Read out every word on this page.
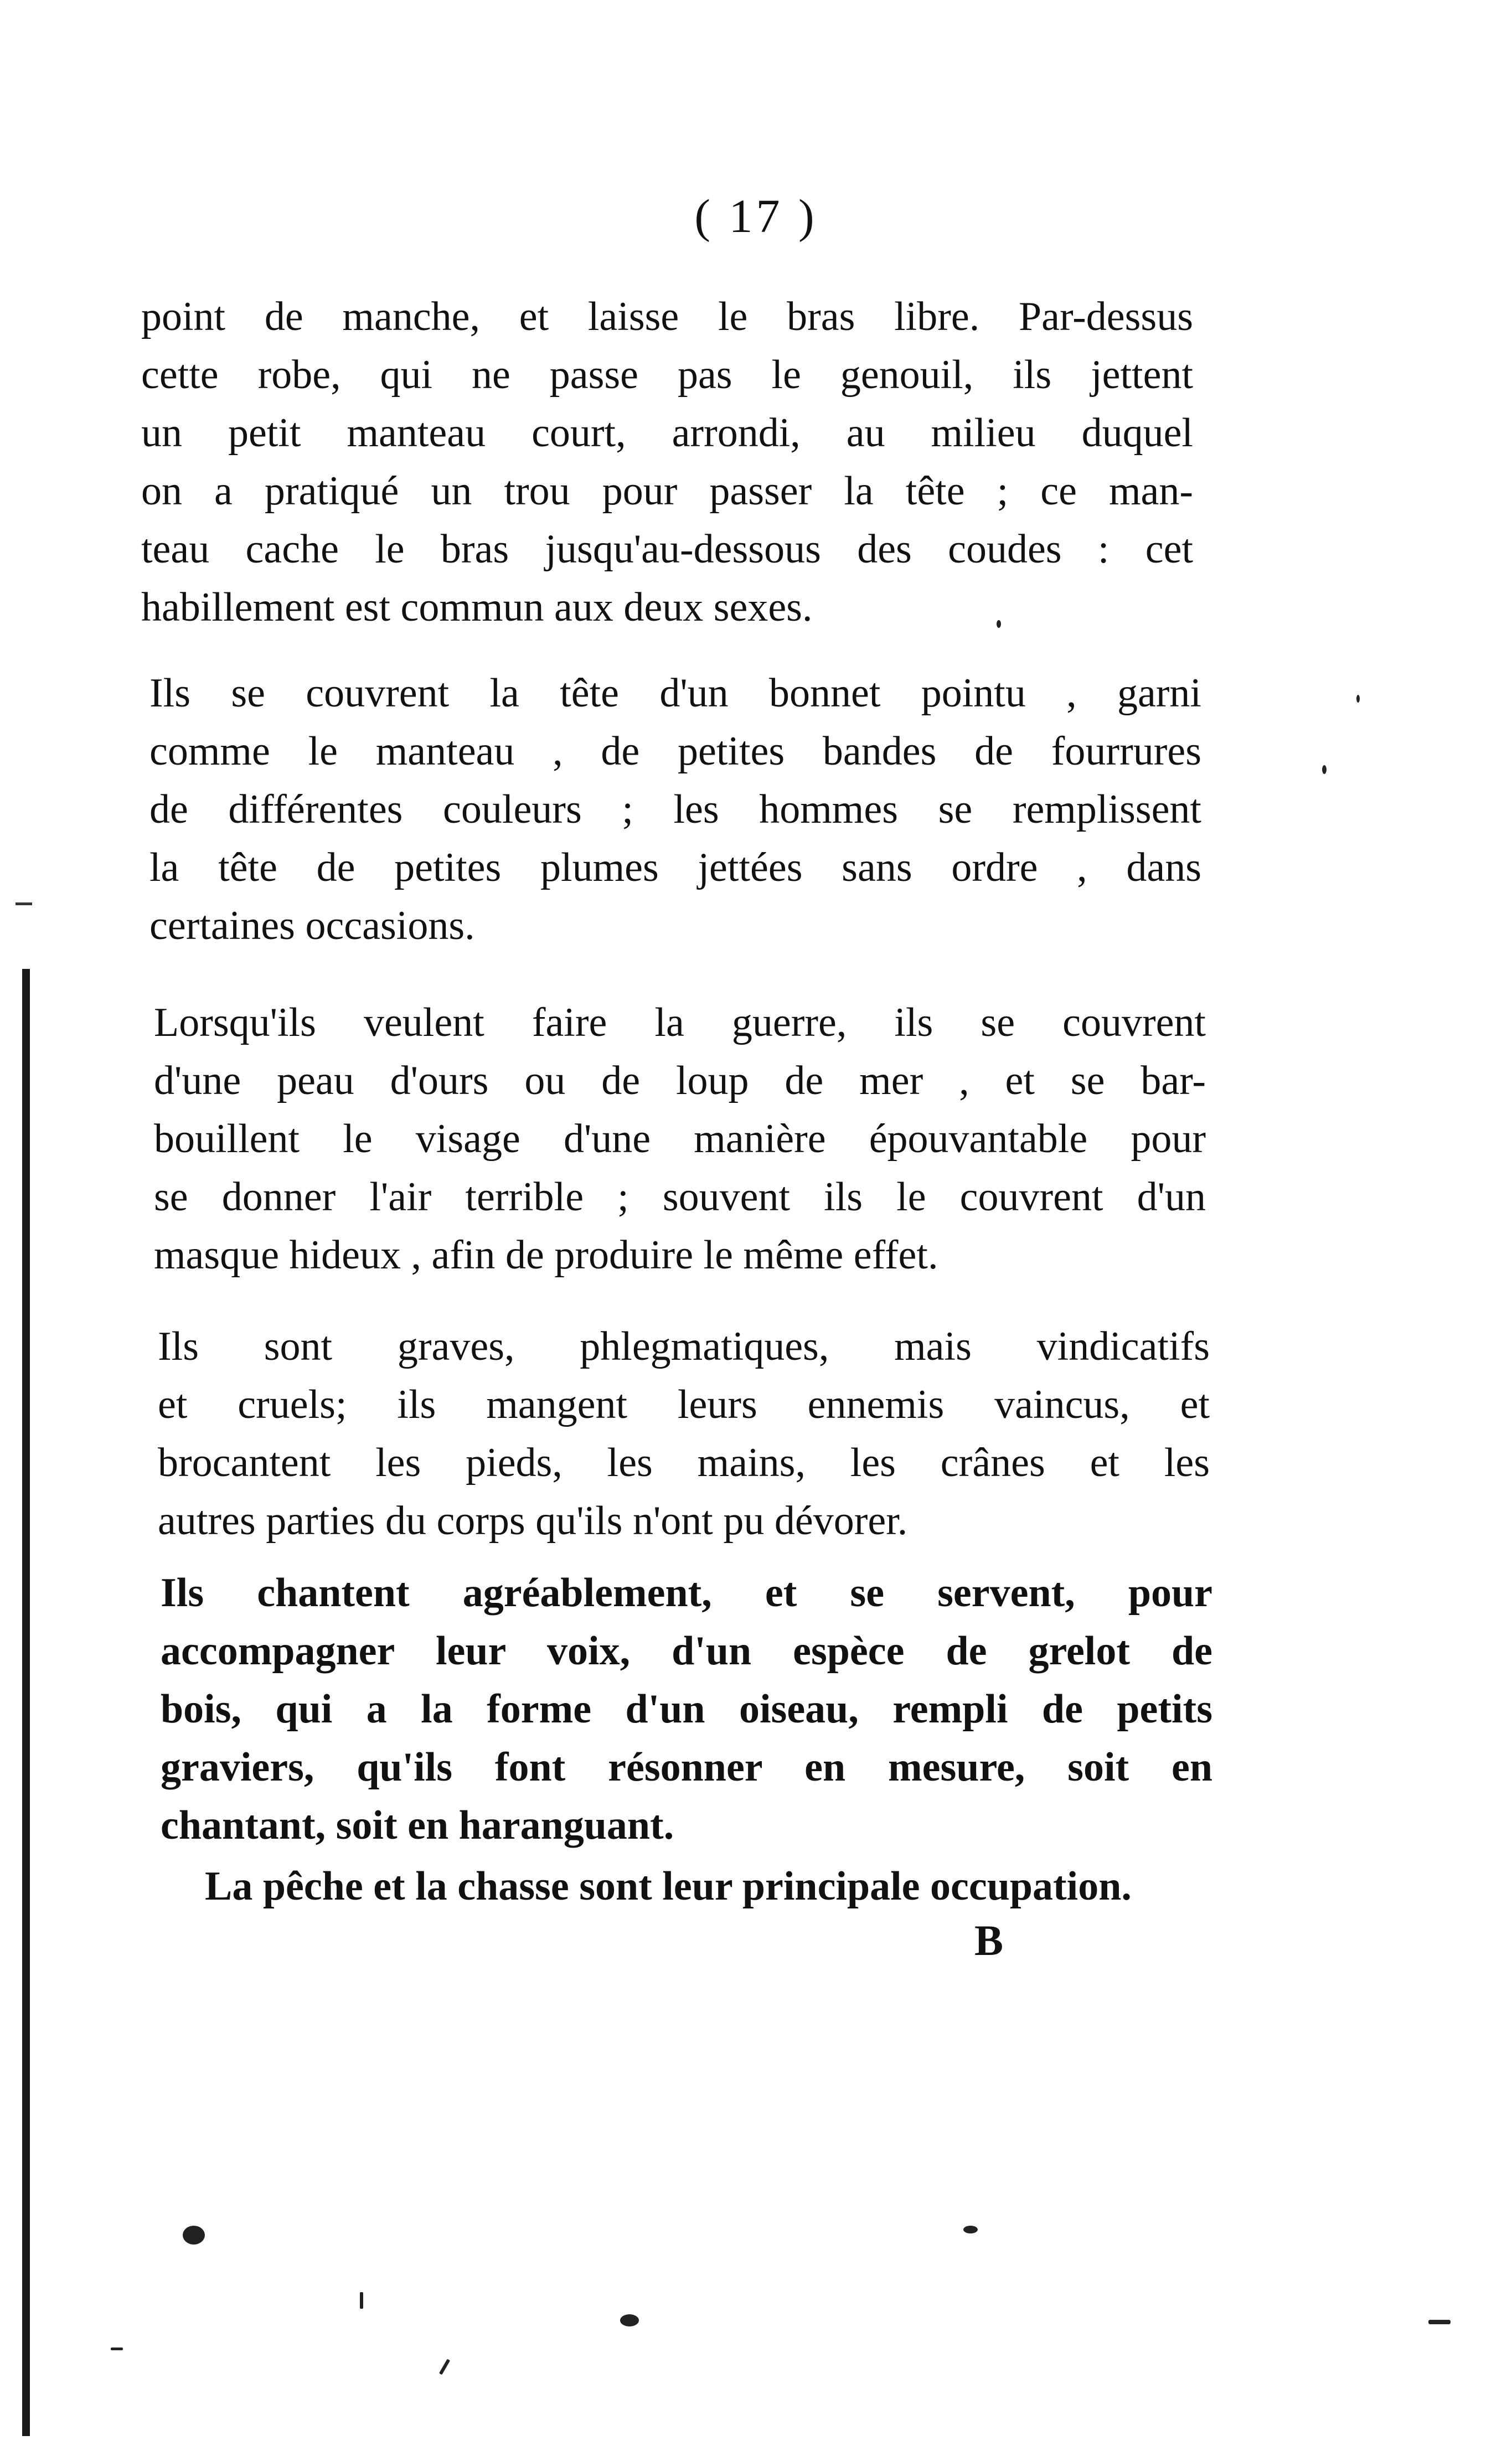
( 17 )
point de manche, et laisse le bras libre. Par-dessus
cette robe, qui ne passe pas le genouil, ils jettent
un petit manteau court, arrondi, au milieu duquel
on a pratiqué un trou pour passer la tête ; ce man-
teau cache le bras jusqu'au-dessous des coudes : cet
habillement est commun aux deux sexes.
Ils se couvrent la tête d'un bonnet pointu , garni
comme le manteau , de petites bandes de fourrures
de différentes couleurs ; les hommes se remplissent
la tête de petites plumes jettées sans ordre , dans
certaines occasions.
Lorsqu'ils veulent faire la guerre, ils se couvrent
d'une peau d'ours ou de loup de mer , et se bar-
bouillent le visage d'une manière épouvantable pour
se donner l'air terrible ; souvent ils le couvrent d'un
masque hideux , afin de produire le même effet.
Ils sont graves, phlegmatiques, mais vindicatifs
et cruels; ils mangent leurs ennemis vaincus, et
brocantent les pieds, les mains, les crânes et les
autres parties du corps qu'ils n'ont pu dévorer.
Ils chantent agréablement, et se servent, pour
accompagner leur voix, d'un espèce de grelot de
bois, qui a la forme d'un oiseau, rempli de petits
graviers, qu'ils font résonner en mesure, soit en
chantant, soit en haranguant.
La pêche et la chasse sont leur principale occupation.
B
